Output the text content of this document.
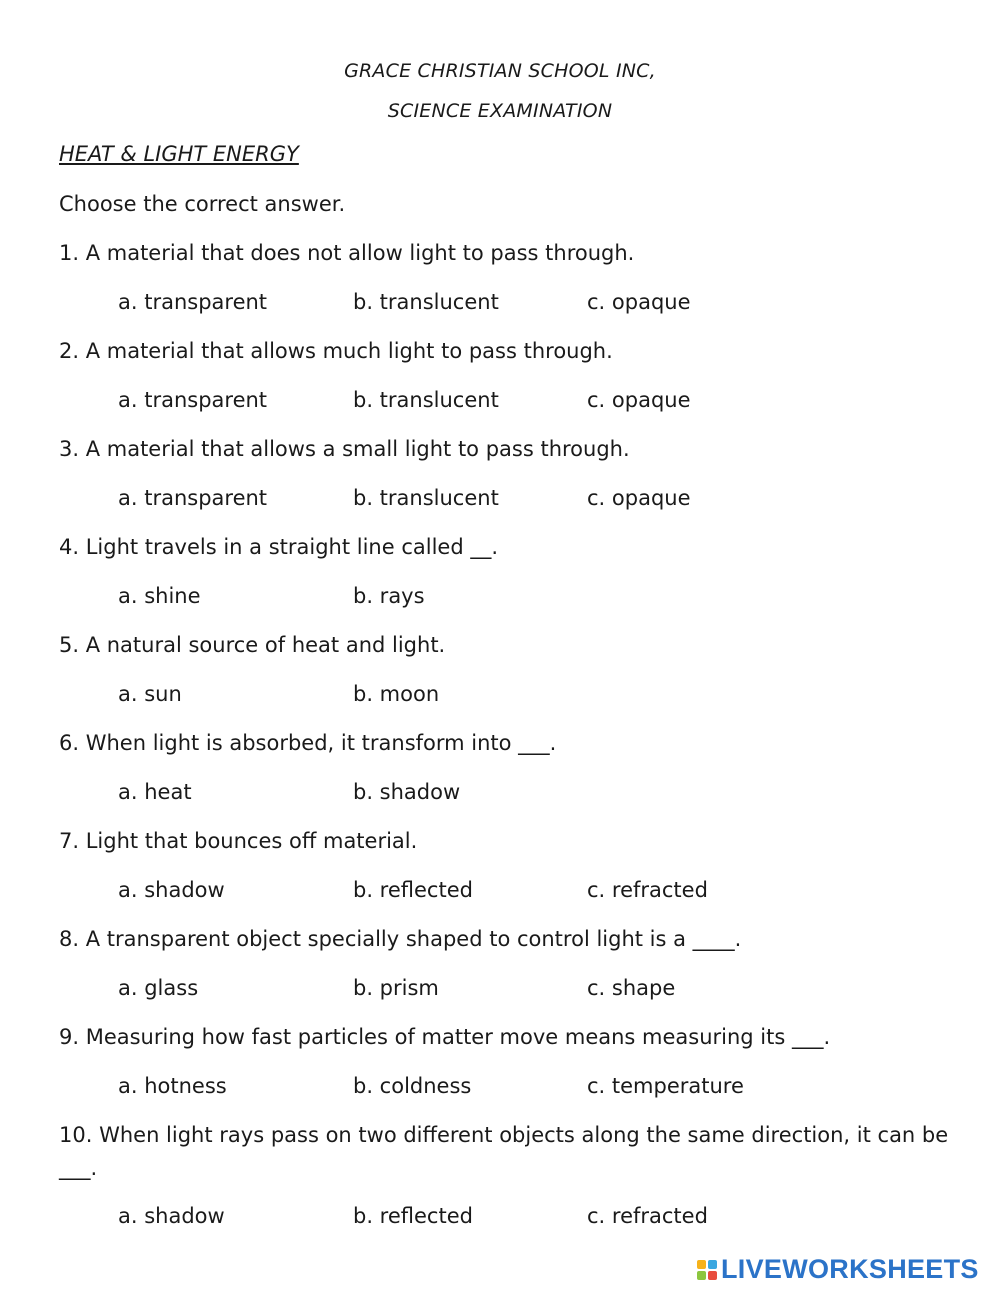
GRACE CHRISTIAN SCHOOL INC,
SCIENCE EXAMINATION
HEAT & LIGHT ENERGY
Choose the correct answer.
1. A material that does not allow light to pass through.
a. transparent	b. translucent	c. opaque
2. A material that allows much light to pass through.
a. transparent	b. translucent	c. opaque
3. A material that allows a small light to pass through.
a. transparent	b. translucent	c. opaque
4. Light travels in a straight line called __.
a. shine	b. rays
5. A natural source of heat and light.
a. sun	b. moon
6. When light is absorbed, it transform into ___.
a. heat	b. shadow
7. Light that bounces off material.
a. shadow	b. reflected	c. refracted
8. A transparent object specially shaped to control light is a ____.
a. glass	b. prism	c. shape
9. Measuring how fast particles of matter move means measuring its ___.
a. hotness	b. coldness	c. temperature
10. When light rays pass on two different objects along the same direction, it can be ___.
a. shadow	b. reflected	c. refracted
LIVEWORKSHEETS
